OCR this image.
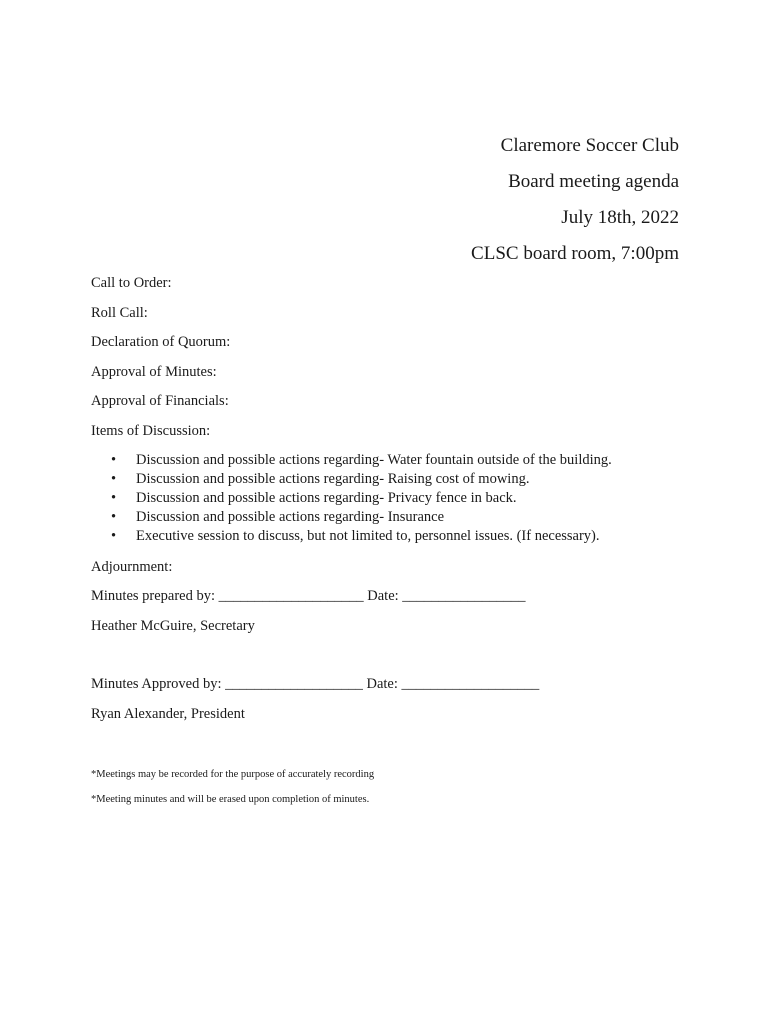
Claremore Soccer Club
Board meeting agenda
July 18th, 2022
CLSC board room, 7:00pm
Call to Order:
Roll Call:
Declaration of Quorum:
Approval of Minutes:
Approval of Financials:
Items of Discussion:
• Discussion and possible actions regarding- Water fountain outside of the building.
• Discussion and possible actions regarding- Raising cost of mowing.
• Discussion and possible actions regarding- Privacy fence in back.
• Discussion and possible actions regarding- Insurance
• Executive session to discuss, but not limited to, personnel issues. (If necessary).
Adjournment:
Minutes prepared by: ____________________ Date: _________________
Heather McGuire, Secretary
Minutes Approved by: ___________________ Date: ___________________
Ryan Alexander, President
*Meetings may be recorded for the purpose of accurately recording
*Meeting minutes and will be erased upon completion of minutes.
